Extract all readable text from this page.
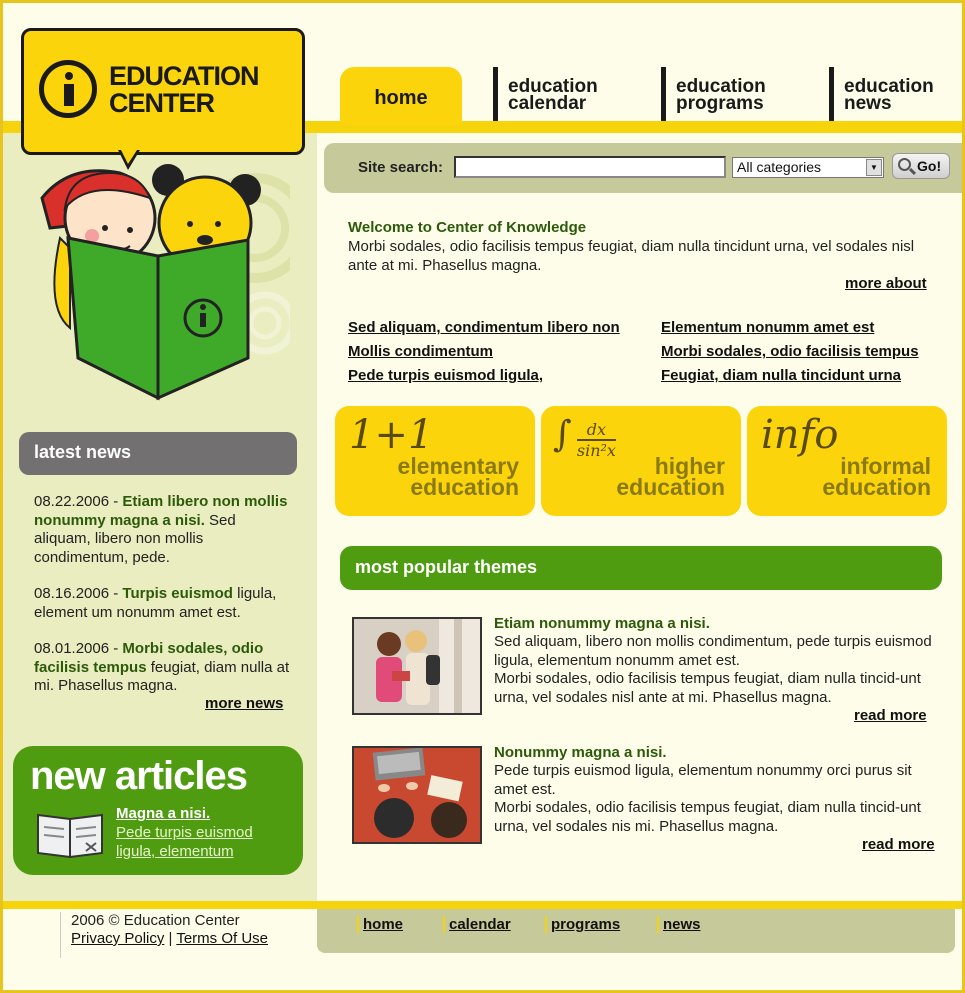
EDUCATION
CENTER	home
education
calendar
education
programs
education
news
Site search:	All categories	▼	Go!
Welcome to Center of Knowledge
Morbi sodales, odio facilisis tempus feugiat, diam nulla tincidunt urna, vel sodales nisl ante at mi. Phasellus magna.
more about
Sed aliquam, condimentum libero non
Mollis condimentum
Pede turpis euismod ligula,
Elementum nonumm amet est
Morbi sodales, odio facilisis tempus
Feugiat, diam nulla tincidunt urna
1+1
elementary
education
∫ $\frac{dx}{\text{sin²x}}$
higher
education
info
informal
education
most popular themes
Etiam nonummy magna a nisi.
Sed aliquam, libero non mollis condimentum, pede turpis euismod ligula, elementum nonumm amet est.
Morbi sodales, odio facilisis tempus feugiat, diam nulla tincid-unt urna, vel sodales nisl ante at mi. Phasellus magna.
read more
Nonummy magna a nisi.
Pede turpis euismod ligula, elementum nonummy orci purus sit amet est.
Morbi sodales, odio facilisis tempus feugiat, diam nulla tincid-unt urna, vel sodales nis mi. Phasellus magna.
read more
latest news
08.22.2006 - Etiam libero non mollis nonummy magna a nisi. Sed aliquam, libero non mollis condimentum, pede.
08.16.2006 - Turpis euismod ligula, element um nonumm amet est.
08.01.2006 - Morbi sodales, odio facilisis tempus feugiat, diam nulla at mi. Phasellus magna.
more news
new articles
Magna a nisi.
Pede turpis euismod ligula, elementum
2006 © Education Center
Privacy Policy | Terms Of Use
home	calendar	programs	news
